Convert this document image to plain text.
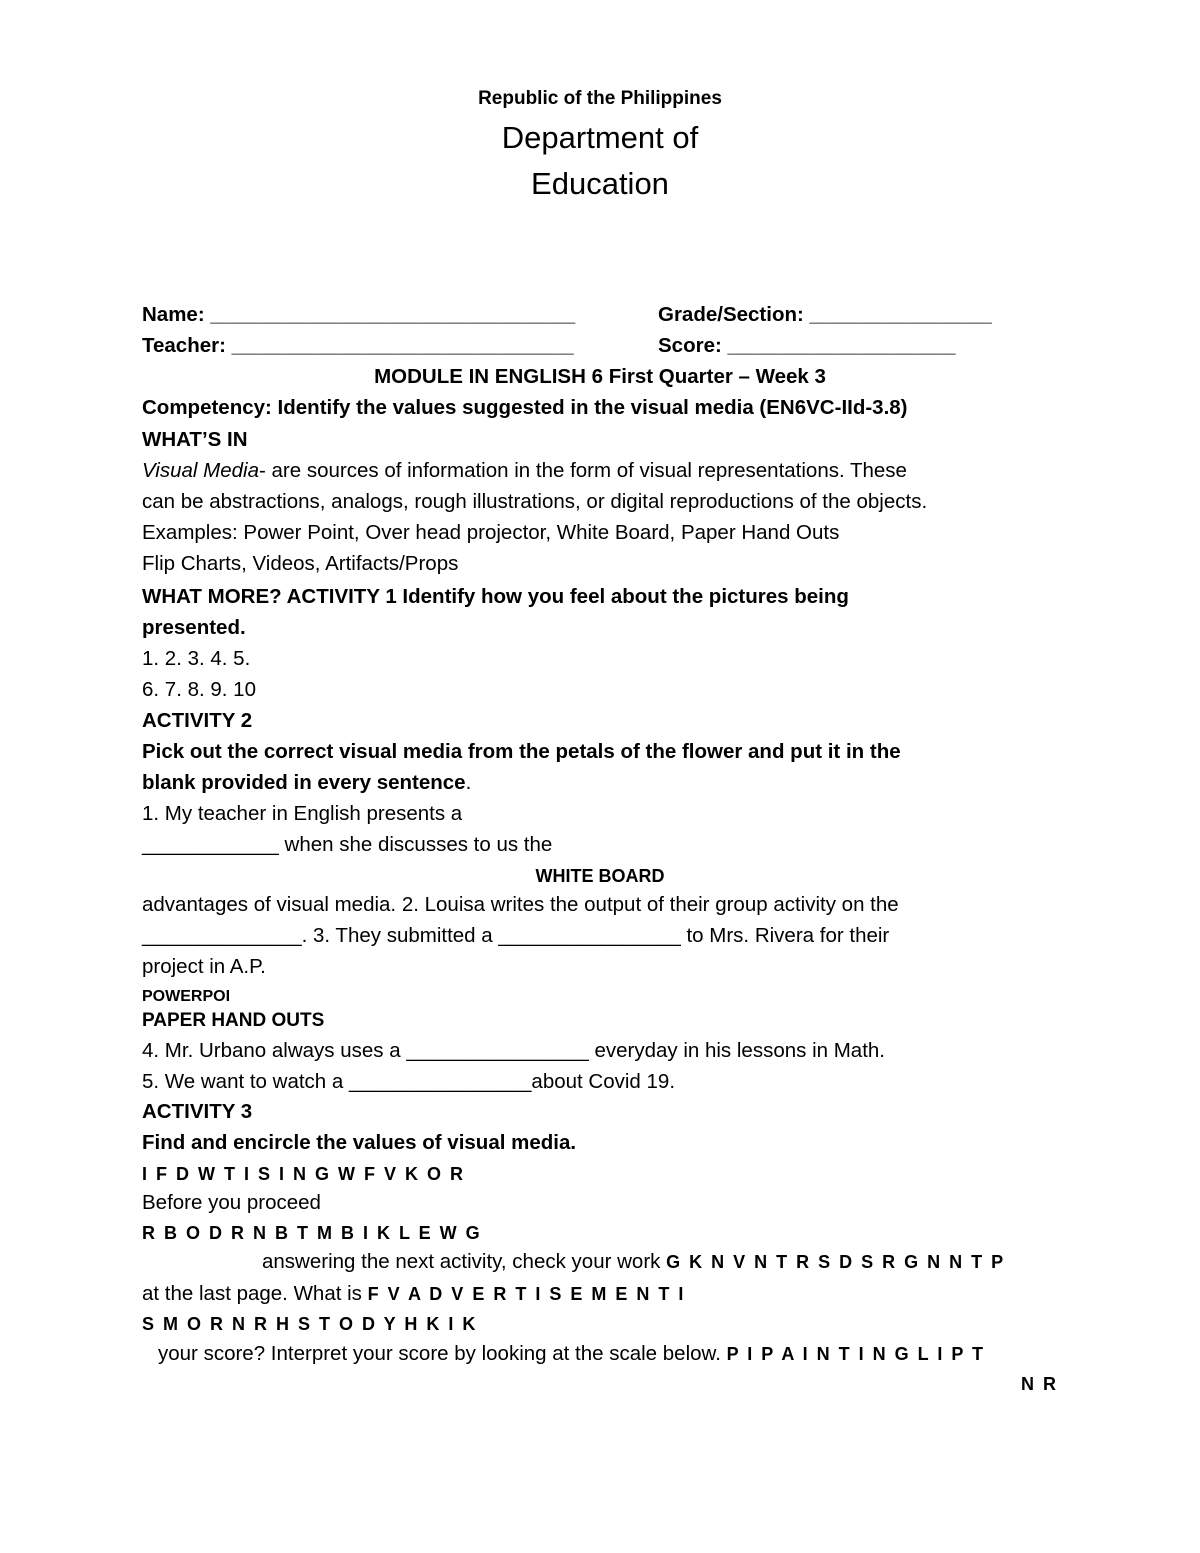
Republic of the Philippines
Department of
Education
Name: ________________________________	Grade/Section: ________________
Teacher: ______________________________	Score: ____________________
MODULE IN ENGLISH 6 First Quarter – Week 3
Competency: Identify the values suggested in the visual media (EN6VC-IId-3.8)
WHAT’S IN
Visual Media- are sources of information in the form of visual representations. These
can be abstractions, analogs, rough illustrations, or digital reproductions of the objects.
Examples: Power Point, Over head projector, White Board, Paper Hand Outs
Flip Charts, Videos, Artifacts/Props
WHAT MORE? ACTIVITY 1 Identify how you feel about the pictures being
presented.
1. 2. 3. 4. 5.
6. 7. 8. 9. 10
ACTIVITY 2
Pick out the correct visual media from the petals of the flower and put it in the
blank provided in every sentence.
1. My teacher in English presents a
____________ when she discusses to us the
WHITE BOARD
advantages of visual media. 2. Louisa writes the output of their group activity on the
______________. 3. They submitted a ________________ to Mrs. Rivera for their
project in A.P.
POWERPOI
PAPER HAND OUTS
4. Mr. Urbano always uses a ________________ everyday in his lessons in Math.
5. We want to watch a ________________about Covid 19.
ACTIVITY 3
Find and encircle the values of visual media.
I F D W T I S I N G W F V K O R
Before you proceed
R B O D R N B T M B I K L E W G
answering the next activity, check your work G K N V N T R S D S R G N N T P
at the last page. What is F V A D V E R T I S E M E N T I
S M O R N R H S T O D Y H K I K
your score? Interpret your score by looking at the scale below. P I P A I N T I N G L I P T
N R
